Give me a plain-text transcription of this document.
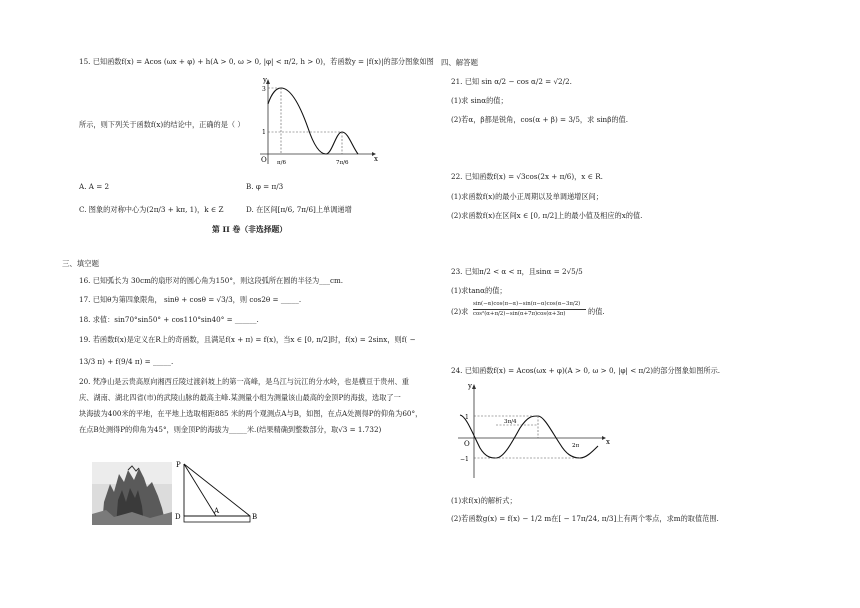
15. 已知函数f(x) = Acos (ωx + φ) + h(A > 0, ω > 0, |φ| < π/2, h > 0)，若函数y = |f(x)|的部分图象如图
y
x
O
3
1
π/6	7π/6
所示，则下列关于函数f(x)的结论中，正确的是（ ）
A. A = 2	B. φ = π/3
C. 图象的对称中心为(2π/3 + kπ, 1)，k ∈ Z	D. 在区间[π/6, 7π/6]上单调递增
第 II 卷（非选择题）
三、填空题
16. 已知弧长为 30cm的扇形对的圆心角为150°，则这段弧所在圆的半径为___cm.
17. 已知θ为第四象限角， sinθ + cosθ = √3/3，则 cos2θ = _____.
18. 求值：sin70°sin50° + cos110°sin40° = ______.
19. 若函数f(x)是定义在R上的奇函数，且满足f(x + π) = f(x)，当x ∈ [0, π/2]时，f(x) = 2sinx，则f( −
13/3 π) + f(9/4 π) = _____.
20. 梵净山是云贵高原向湘西丘陵过渡斜坡上的第一高峰，是乌江与沅江的分水岭，也是横亘于贵州、重
庆、湖南、湖北四省(市)的武陵山脉的最高主峰.某测量小组为测量该山最高的金顶P的海拔，选取了一
块海拔为400米的平地，在平地上选取相距885 米的两个观测点A与B，如图，在点A处测得P的仰角为60°，
在点B处测得P的仰角为45°，则金顶P的海拔为_____米.(结果精确到整数部分，取√3 = 1.732)
P
D
A
B
四、解答题
21. 已知 sin α/2 − cos α/2 = √2/2.
(1)求 sinα的值；
(2)若α，β都是锐角，cos(α + β) = 3/5，求 sinβ的值.
22. 已知函数f(x) = √3cos(2x + π/6)，x ∈ R.
(1)求函数f(x)的最小正周期以及单调递增区间；
(2)求函数f(x)在区间x ∈ [0, π/2]上的最小值及相应的x的值.
23. 已知π/2 < α < π，且sinα = 2√5/5
(1)求tanα的值；
(2)求
sin(−α)cos(π−α)−sin(π−α)cos(α−3π/2)
cos²(α+π/2)−sin(α+7π)cos(α+3π)	的值.
24. 已知函数f(x) = Acos(ωx + φ)(A > 0, ω > 0, |φ| < π/2)的部分图象如图所示.
y
x
O
1
−1
3π/4
2π
(1)求f(x)的解析式；
(2)若函数g(x) = f(x) − 1/2 m在[ − 17π/24, π/3]上有两个零点，求m的取值范围.
